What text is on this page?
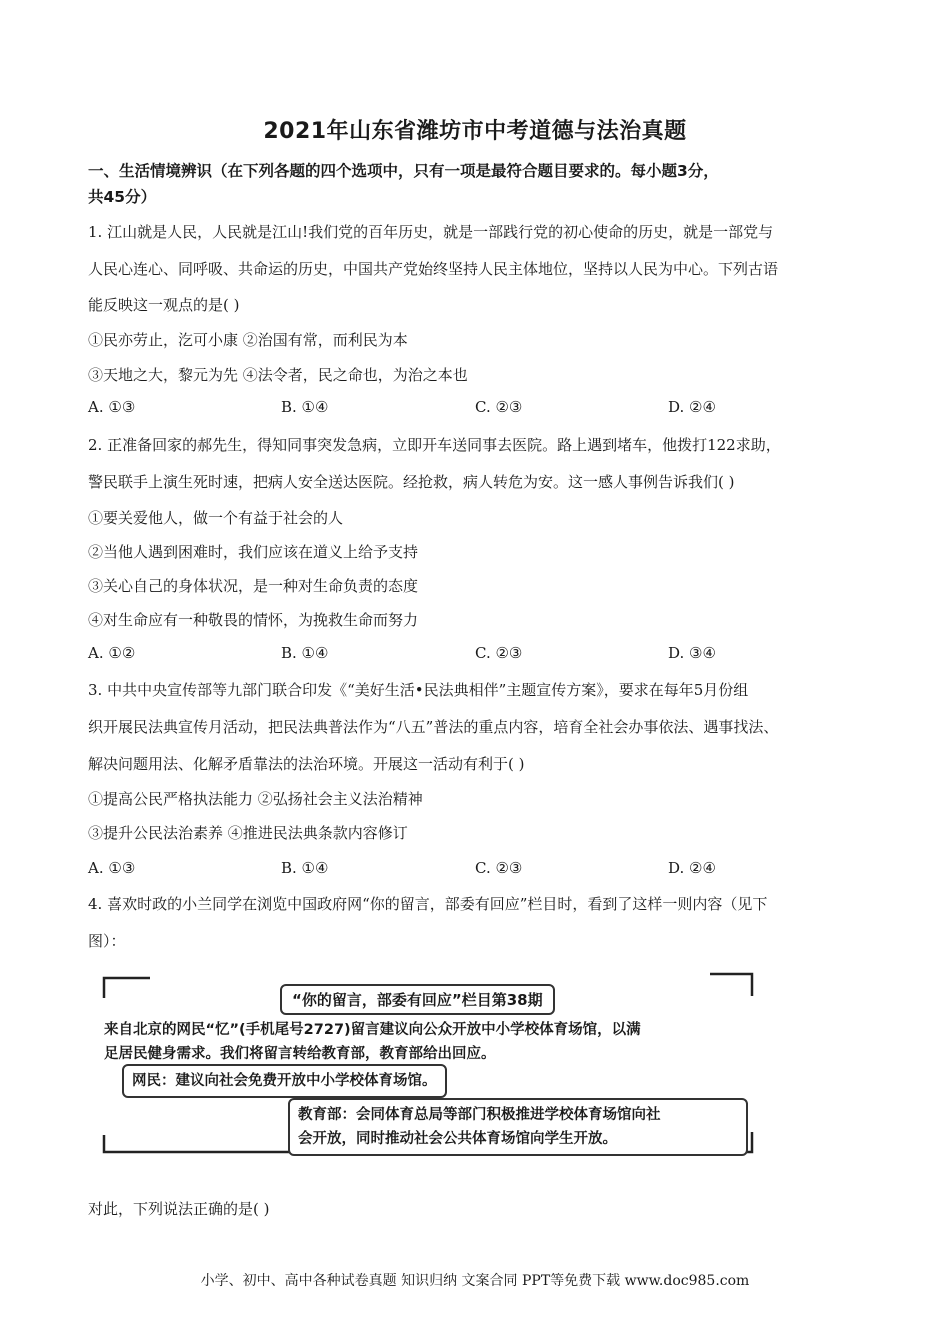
2021年山东省潍坊市中考道德与法治真题
一、生活情境辨识（在下列各题的四个选项中，只有一项是最符合题目要求的。每小题3分，
共45分）
1. 江山就是人民，人民就是江山!我们党的百年历史，就是一部践行党的初心使命的历史，就是一部党与
人民心连心、同呼吸、共命运的历史，中国共产党始终坚持人民主体地位，坚持以人民为中心。下列古语
能反映这一观点的是( )
①民亦劳止，汔可小康 ②治国有常，而利民为本
③天地之大，黎元为先 ④法令者，民之命也，为治之本也
A. ①③	B. ①④	C. ②③	D. ②④
2. 正准备回家的郝先生，得知同事突发急病，立即开车送同事去医院。路上遇到堵车，他拨打122求助，
警民联手上演生死时速，把病人安全送达医院。经抢救，病人转危为安。这一感人事例告诉我们( )
①要关爱他人，做一个有益于社会的人
②当他人遇到困难时，我们应该在道义上给予支持
③关心自己的身体状况，是一种对生命负责的态度
④对生命应有一种敬畏的情怀，为挽救生命而努力
A. ①②	B. ①④	C. ②③	D. ③④
3. 中共中央宣传部等九部门联合印发《“美好生活•民法典相伴”主题宣传方案》，要求在每年5月份组
织开展民法典宣传月活动，把民法典普法作为“八五”普法的重点内容，培育全社会办事依法、遇事找法、
解决问题用法、化解矛盾靠法的法治环境。开展这一活动有利于( )
①提高公民严格执法能力 ②弘扬社会主义法治精神
③提升公民法治素养 ④推进民法典条款内容修订
A. ①③	B. ①④	C. ②③	D. ②④
4. 喜欢时政的小兰同学在浏览中国政府网“你的留言，部委有回应”栏目时，看到了这样一则内容（见下
图）：
“你的留言，部委有回应”栏目第38期
来自北京的网民“忆”(手机尾号2727)留言建议向公众开放中小学校体育场馆，以满
足居民健身需求。我们将留言转给教育部，教育部给出回应。
网民：建议向社会免费开放中小学校体育场馆。
教育部：会同体育总局等部门积极推进学校体育场馆向社
会开放，同时推动社会公共体育场馆向学生开放。
对此，下列说法正确的是( )
小学、初中、高中各种试卷真题 知识归纳 文案合同 PPT等免费下载 www.doc985.com
